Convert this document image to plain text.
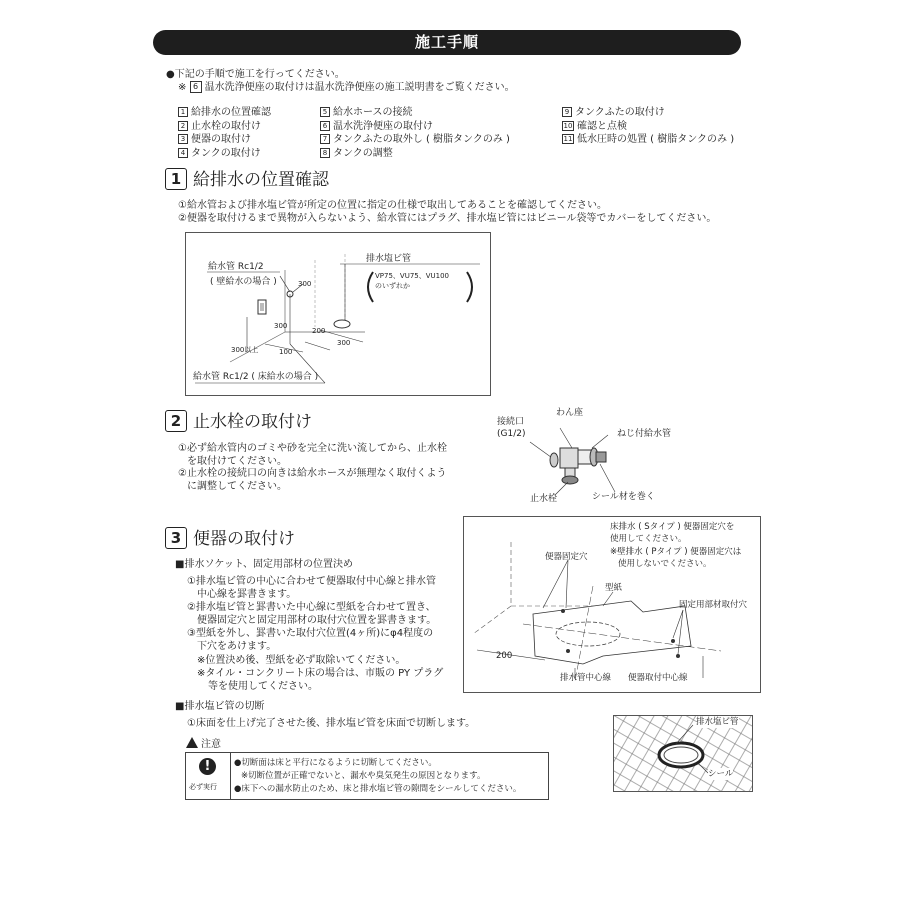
施工手順
●下記の手順で施工を行ってください。
※ 6 温水洗浄便座の取付けは温水洗浄便座の施工説明書をご覧ください。
1 給排水の位置確認
2 止水栓の取付け
3 便器の取付け
4 タンクの取付け
5 給水ホースの接続
6 温水洗浄便座の取付け
7 タンクふたの取外し ( 樹脂タンクのみ )
8 タンクの調整
9 タンクふたの取付け
10 確認と点検
11 低水圧時の処置 ( 樹脂タンクのみ )
1 給排水の位置確認
①給水管および排水塩ビ管が所定の位置に指定の仕様で取出してあることを確認してください。
②便器を取付けるまで異物が入らないよう、給水管にはプラグ、排水塩ビ管にはビニール袋等でカバーをしてください。
給水管 Rc1/2
( 壁給水の場合 )
排水塩ビ管
VP75、VU75、VU100
のいずれか
給水管 Rc1/2 ( 床給水の場合 )
300
300
200
300
100
300以上
2 止水栓の取付け
①必ず給水管内のゴミや砂を完全に洗い流してから、止水栓
を取付けてください。
②止水栓の接続口の向きは給水ホースが無理なく取付くよう
に調整してください。
接続口
(G1/2)
わん座
ねじ付給水管
止水栓	シール材を巻く
3 便器の取付け
■排水ソケット、固定用部材の位置決め
①排水塩ビ管の中心に合わせて便器取付中心線と排水管
中心線を罫書きます。
②排水塩ビ管と罫書いた中心線に型紙を合わせて置き、
便器固定穴と固定用部材の取付穴位置を罫書きます。
③型紙を外し、罫書いた取付穴位置(4ヶ所)にφ4程度の
下穴をあけます。
※位置決め後、型紙を必ず取除いてください。
※タイル・コンクリート床の場合は、市販の PY プラグ
等を使用してください。
■排水塩ビ管の切断
①床面を仕上げ完了させた後、排水塩ビ管を床面で切断します。
注意
!
必ず実行
●切断面は床と平行になるように切断してください。
※切断位置が正確でないと、漏水や臭気発生の原因となります。
●床下への漏水防止のため、床と排水塩ビ管の隙間をシールしてください。
床排水 ( Sタイプ ) 便器固定穴を
使用してください。
※壁排水 ( Pタイプ ) 便器固定穴は
使用しないでください。
便器固定穴
型紙
固定用部材取付穴
200
排水管中心線 便器取付中心線
排水塩ビ管
シール
